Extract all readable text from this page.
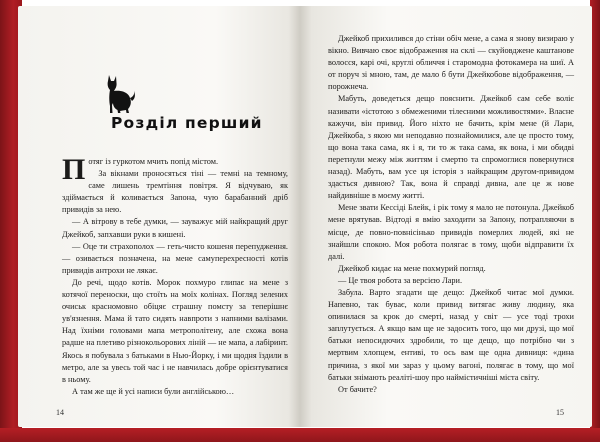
Розділ перший

Потяг із гуркотом мчить попід містом.

За вікнами проносяться тіні — темні на темному, саме лишень тремтіння повітря. Я відчуваю, як здіймається й коливається Запона, чую барабанний дріб привидів за нею.

— А вітрову в тебе думки, — зауважує мій найкращий друг Джейкоб, запхавши руки в кишені.

— Оце ти страхополох — геть-чисто кошеня перепудження. — озивається позначена, на мене самуперехресності котів привидів антрохи не лякає.

До речі, щодо котів. Морок похмуро глипає на мене з котячої переноски, що стоїть на моїх колінах. Погляд зелених очиськ красномовно обіцяє страшну помсту за теперішнє ув'язнення. Мама й тато сидять навпроти з напними валізами. Над їхніми головами мапа метрополітену, але схожа вона радше на плетиво різнокольорових ліній — не мапа, а лабіринт. Якось я побувала з батьками в Нью-Йорку, і ми щодня їздили в метро, але за увесь той час і не навчилась добре орієнтуватися в ньому.

А там же ще й усі написи були англійською…

14

Джейкоб прихилився до стіни обіч мене, а сама я знову визираю у вікно. Вивчаю своє відображення на склі — скуйовджене каштанове волосся, карі очі, круглі обличчя і старомодна фотокамера на шиї. А от поруч зі мною, там, де мало б бути Джейкобове відображення, — порожнеча.

Мабуть, доведеться дещо пояснити. Джейкоб сам себе воліє називати «істотою з обмеженими тілесними можливостями». Власне кажучи, він привид. Його ніхто не бачить, крім мене (й Лари, Джейкоба, з якою ми неподавно познайомилися, але це просто тому, що вона така сама, як і я, ти то ж така сама, як вона, і ми обидві перетнули межу між життям і смертю та спромоглися повернутися назад). Мабуть, вам усе ця історія з найкращим другом-привидом здасться дивною? Так, вона й справді дивна, але це ж нове найдивніше в моєму житті.

Мене звати Кессіді Блейк, і рік тому я мало не потонула. Джейкоб мене врятував. Відтоді я вмію заходити за Запону, потрапляючи в місце, де повно-повнісінько привидів померлих людей, які не знайшли спокою. Моя робота полягає в тому, щоби відправити їх далі.

Джейкоб кидає на мене похмурий погляд.

— Це твоя робота за версією Лари.

Забула. Варто згадати ще дещо: Джейкоб читає мої думки. Напевно, так буває, коли привид витягає живу людину, яка опинилася за крок до смерті, назад у світ — усе тоді трохи заплутується. А якщо вам ще не задосить того, що ми друзі, що мої батьки непосидючих здробили, то ще дещо, що потрібно чи з мертвим хлопцем, ентиві, то ось вам ще одна дивниця: «дина причина, з якої ми зараз у цьому вагоні, полягає в тому, що мої батьки знімають реаліті-шоу про наймістичніші міста світу.

От бачите?

15
